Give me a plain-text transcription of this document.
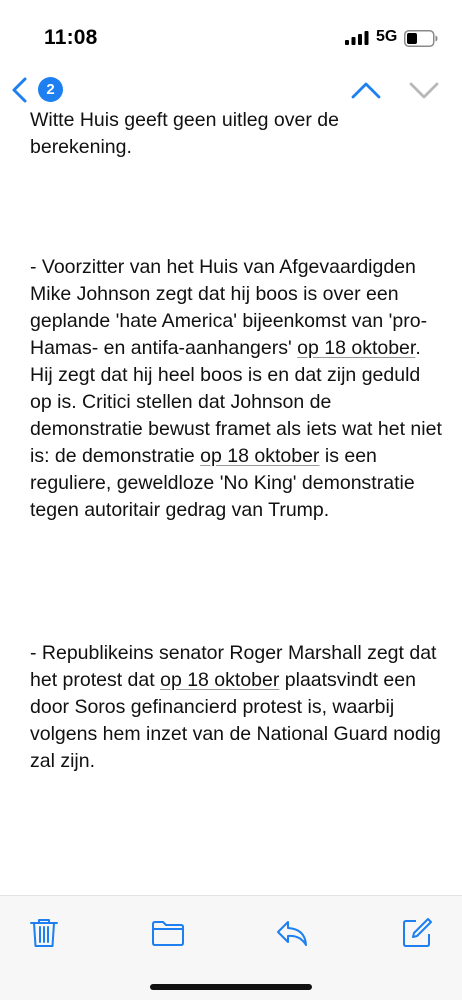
11:08	5G
2
Witte Huis geeft geen uitleg over de
berekening.
- Voorzitter van het Huis van Afgevaardigden Mike Johnson zegt dat hij boos is over een geplande 'hate America' bijeenkomst van 'pro-Hamas- en antifa-aanhangers' op 18 oktober. Hij zegt dat hij heel boos is en dat zijn geduld op is. Critici stellen dat Johnson de demonstratie bewust framet als iets wat het niet is: de demonstratie op 18 oktober is een reguliere, geweldloze 'No King' demonstratie tegen autoritair gedrag van Trump.
- Republikeins senator Roger Marshall zegt dat het protest dat op 18 oktober plaatsvindt een door Soros gefinancierd protest is, waarbij volgens hem inzet van de National Guard nodig zal zijn.
